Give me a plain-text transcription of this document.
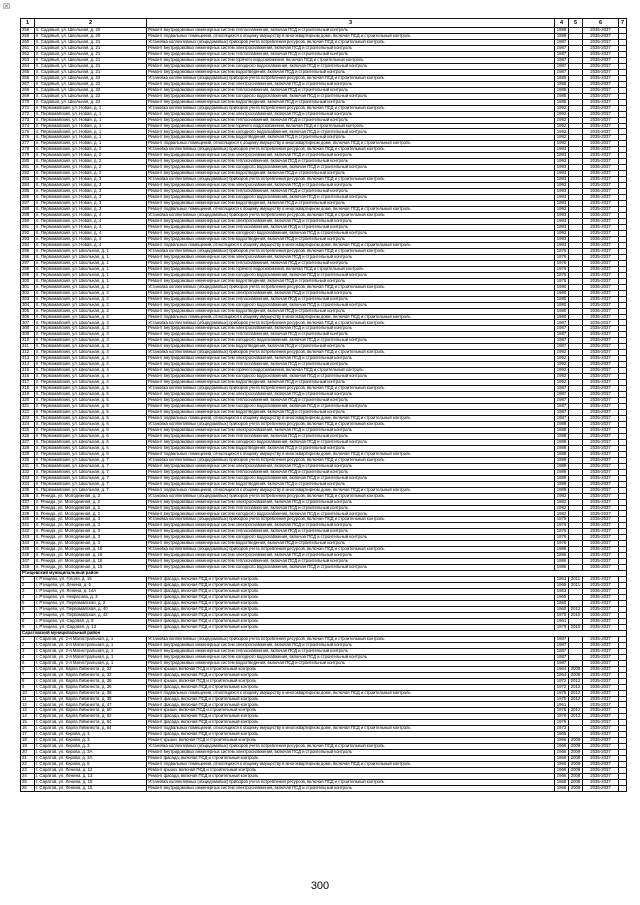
☒
1	2	3	4	5	6	7
258	п. Садовый, ул. Школьная, д. 20	Ремонт внутридомовых инженерных систем теплоснабжения, включая ПСД и строительный контроль	1989		2035-2037	
259	п. Садовый, ул. Школьная, д. 20	Ремонт подвальных помещений, относящихся к общему имуществу в многоквартирном доме, включая ПСД и строительный контроль	1989		2035-2037	
260	п. Садовый, ул. Школьная, д. 21	Установка коллективных (общедомовых) приборов учета потребления ресурсов, включая ПСД и строительный контроль	1987		2035-2037	
261	п. Садовый, ул. Школьная, д. 21	Ремонт внутридомовых инженерных систем электроснабжения, включая ПСД и строительный контроль	1987		2035-2037	
262	п. Садовый, ул. Школьная, д. 21	Ремонт внутридомовых инженерных систем теплоснабжения, включая ПСД и строительный контроль	1987		2035-2037	
263	п. Садовый, ул. Школьная, д. 21	Ремонт внутридомовых инженерных систем горячего водоснабжения, включая ПСД и строительный контроль	1987		2035-2037	
264	п. Садовый, ул. Школьная, д. 21	Ремонт внутридомовых инженерных систем холодного водоснабжения, включая ПСД и строительный контроль	1987		2035-2037	
265	п. Садовый, ул. Школьная, д. 21	Ремонт внутридомовых инженерных систем водоотведения, включая ПСД и строительный контроль	1987		2035-2037	
266	п. Садовый, ул. Школьная, д. 22	Установка коллективных (общедомовых) приборов учета потребления ресурсов, включая ПСД и строительный контроль	1985		2035-2037	
267	п. Садовый, ул. Школьная, д. 22	Ремонт внутридомовых инженерных систем электроснабжения, включая ПСД и строительный контроль	1985		2035-2037	
268	п. Садовый, ул. Школьная, д. 22	Ремонт внутридомовых инженерных систем теплоснабжения, включая ПСД и строительный контроль	1985		2035-2037	
269	п. Садовый, ул. Школьная, д. 22	Ремонт внутридомовых инженерных систем холодного водоснабжения, включая ПСД и строительный контроль	1985		2035-2037	
270	п. Садовый, ул. Школьная, д. 22	Ремонт внутридомовых инженерных систем водоотведения, включая ПСД и строительный контроль	1985		2035-2037	
271	п. Первомайский, ул. Новая, д. 1	Установка коллективных (общедомовых) приборов учета потребления ресурсов, включая ПСД и строительный контроль	1992		2035-2037	
272	п. Первомайский, ул. Новая, д. 1	Ремонт внутридомовых инженерных систем электроснабжения, включая ПСД и строительный контроль	1992		2035-2037	
273	п. Первомайский, ул. Новая, д. 1	Ремонт внутридомовых инженерных систем теплоснабжения, включая ПСД и строительный контроль	1992		2035-2037	
274	п. Первомайский, ул. Новая, д. 1	Ремонт внутридомовых инженерных систем горячего водоснабжения, включая ПСД и строительный контроль	1992		2035-2037	
275	п. Первомайский, ул. Новая, д. 1	Ремонт внутридомовых инженерных систем холодного водоснабжения, включая ПСД и строительный контроль	1992		2035-2037	
276	п. Первомайский, ул. Новая, д. 1	Ремонт внутридомовых инженерных систем водоотведения, включая ПСД и строительный контроль	1992		2035-2037	
277	п. Первомайский, ул. Новая, д. 1	Ремонт подвальных помещений, относящихся к общему имуществу в многоквартирном доме, включая ПСД и строительный контроль	1992		2035-2037	
278	п. Первомайский, ул. Новая, д. 2	Установка коллективных (общедомовых) приборов учета потребления ресурсов, включая ПСД и строительный контроль	1993		2035-2037	
279	п. Первомайский, ул. Новая, д. 2	Ремонт внутридомовых инженерных систем электроснабжения, включая ПСД и строительный контроль	1993		2035-2037	
280	п. Первомайский, ул. Новая, д. 2	Ремонт внутридомовых инженерных систем теплоснабжения, включая ПСД и строительный контроль	1993		2035-2037	
281	п. Первомайский, ул. Новая, д. 2	Ремонт внутридомовых инженерных систем холодного водоснабжения, включая ПСД и строительный контроль	1993		2035-2037	
282	п. Первомайский, ул. Новая, д. 2	Ремонт внутридомовых инженерных систем водоотведения, включая ПСД и строительный контроль	1993		2035-2037	
283	п. Первомайский, ул. Новая, д. 3	Установка коллективных (общедомовых) приборов учета потребления ресурсов, включая ПСД и строительный контроль	1993		2035-2037	
284	п. Первомайский, ул. Новая, д. 3	Ремонт внутридомовых инженерных систем электроснабжения, включая ПСД и строительный контроль	1993		2035-2037	
285	п. Первомайский, ул. Новая, д. 3	Ремонт внутридомовых инженерных систем теплоснабжения, включая ПСД и строительный контроль	1993		2035-2037	
286	п. Первомайский, ул. Новая, д. 3	Ремонт внутридомовых инженерных систем холодного водоснабжения, включая ПСД и строительный контроль	1993		2035-2037	
287	п. Первомайский, ул. Новая, д. 3	Ремонт внутридомовых инженерных систем водоотведения, включая ПСД и строительный контроль	1993		2035-2037	
288	п. Первомайский, ул. Новая, д. 3	Ремонт подвальных помещений, относящихся к общему имуществу в многоквартирном доме, включая ПСД и строительный контроль	1993		2035-2037	
289	п. Первомайский, ул. Новая, д. 4	Установка коллективных (общедомовых) приборов учета потребления ресурсов, включая ПСД и строительный контроль	1993		2035-2037	
290	п. Первомайский, ул. Новая, д. 4	Ремонт внутридомовых инженерных систем электроснабжения, включая ПСД и строительный контроль	1993		2035-2037	
291	п. Первомайский, ул. Новая, д. 4	Ремонт внутридомовых инженерных систем теплоснабжения, включая ПСД и строительный контроль	1993		2035-2037	
292	п. Первомайский, ул. Новая, д. 4	Ремонт внутридомовых инженерных систем холодного водоснабжения, включая ПСД и строительный контроль	1993		2035-2037	
293	п. Первомайский, ул. Новая, д. 4	Ремонт внутридомовых инженерных систем водоотведения, включая ПСД и строительный контроль	1993		2035-2037	
294	п. Первомайский, ул. Новая, д. 4	Ремонт подвальных помещений, относящихся к общему имуществу в многоквартирном доме, включая ПСД и строительный контроль	1993		2035-2037	
295	п. Первомайский, ул. Школьная, д. 1	Установка коллективных (общедомовых) приборов учета потребления ресурсов, включая ПСД и строительный контроль	1976		2035-2037	
296	п. Первомайский, ул. Школьная, д. 1	Ремонт внутридомовых инженерных систем электроснабжения, включая ПСД и строительный контроль	1976		2035-2037	
297	п. Первомайский, ул. Школьная, д. 1	Ремонт внутридомовых инженерных систем теплоснабжения, включая ПСД и строительный контроль	1976		2035-2037	
298	п. Первомайский, ул. Школьная, д. 1	Ремонт внутридомовых инженерных систем горячего водоснабжения, включая ПСД и строительный контроль	1976		2035-2037	
299	п. Первомайский, ул. Школьная, д. 1	Ремонт внутридомовых инженерных систем холодного водоснабжения, включая ПСД и строительный контроль	1976		2035-2037	
300	п. Первомайский, ул. Школьная, д. 1	Ремонт внутридомовых инженерных систем водоотведения, включая ПСД и строительный контроль	1976		2035-2037	
301	п. Первомайский, ул. Школьная, д. 2	Установка коллективных (общедомовых) приборов учета потребления ресурсов, включая ПСД и строительный контроль	1980		2035-2037	
302	п. Первомайский, ул. Школьная, д. 2	Ремонт внутридомовых инженерных систем электроснабжения, включая ПСД и строительный контроль	1980		2035-2037	
303	п. Первомайский, ул. Школьная, д. 2	Ремонт внутридомовых инженерных систем теплоснабжения, включая ПСД и строительный контроль	1980		2035-2037	
304	п. Первомайский, ул. Школьная, д. 2	Ремонт внутридомовых инженерных систем холодного водоснабжения, включая ПСД и строительный контроль	1980		2035-2037	
305	п. Первомайский, ул. Школьная, д. 2	Ремонт внутридомовых инженерных систем водоотведения, включая ПСД и строительный контроль	1980		2035-2037	
306	п. Первомайский, ул. Школьная, д. 2	Ремонт подвальных помещений, относящихся к общему имуществу в многоквартирном доме, включая ПСД и строительный контроль	1980		2035-2037	
307	п. Первомайский, ул. Школьная, д. 3	Установка коллективных (общедомовых) приборов учета потребления ресурсов, включая ПСД и строительный контроль	1987		2035-2037	
308	п. Первомайский, ул. Школьная, д. 3	Ремонт внутридомовых инженерных систем электроснабжения, включая ПСД и строительный контроль	1987		2035-2037	
309	п. Первомайский, ул. Школьная, д. 3	Ремонт внутридомовых инженерных систем теплоснабжения, включая ПСД и строительный контроль	1987		2035-2037	
310	п. Первомайский, ул. Школьная, д. 3	Ремонт внутридомовых инженерных систем холодного водоснабжения, включая ПСД и строительный контроль	1987		2035-2037	
311	п. Первомайский, ул. Школьная, д. 3	Ремонт внутридомовых инженерных систем водоотведения, включая ПСД и строительный контроль	1987		2035-2037	
312	п. Первомайский, ул. Школьная, д. 4	Установка коллективных (общедомовых) приборов учета потребления ресурсов, включая ПСД и строительный контроль	1992		2035-2037	
313	п. Первомайский, ул. Школьная, д. 4	Ремонт внутридомовых инженерных систем электроснабжения, включая ПСД и строительный контроль	1992		2035-2037	
314	п. Первомайский, ул. Школьная, д. 4	Ремонт внутридомовых инженерных систем теплоснабжения, включая ПСД и строительный контроль	1992		2035-2037	
315	п. Первомайский, ул. Школьная, д. 4	Ремонт внутридомовых инженерных систем горячего водоснабжения, включая ПСД и строительный контроль	1992		2035-2037	
316	п. Первомайский, ул. Школьная, д. 4	Ремонт внутридомовых инженерных систем холодного водоснабжения, включая ПСД и строительный контроль	1992		2035-2037	
317	п. Первомайский, ул. Школьная, д. 4	Ремонт внутридомовых инженерных систем водоотведения, включая ПСД и строительный контроль	1992		2035-2037	
318	п. Первомайский, ул. Школьная, д. 5	Установка коллективных (общедомовых) приборов учета потребления ресурсов, включая ПСД и строительный контроль	1987		2035-2037	
319	п. Первомайский, ул. Школьная, д. 5	Ремонт внутридомовых инженерных систем электроснабжения, включая ПСД и строительный контроль	1987		2035-2037	
320	п. Первомайский, ул. Школьная, д. 5	Ремонт внутридомовых инженерных систем теплоснабжения, включая ПСД и строительный контроль	1987		2035-2037	
321	п. Первомайский, ул. Школьная, д. 5	Ремонт внутридомовых инженерных систем холодного водоснабжения, включая ПСД и строительный контроль	1987		2035-2037	
322	п. Первомайский, ул. Школьная, д. 5	Ремонт внутридомовых инженерных систем водоотведения, включая ПСД и строительный контроль	1987		2035-2037	
323	п. Первомайский, ул. Школьная, д. 5	Ремонт подвальных помещений, относящихся к общему имуществу в многоквартирном доме, включая ПСД и строительный контроль	1987		2035-2037	
324	п. Первомайский, ул. Школьная, д. 6	Установка коллективных (общедомовых) приборов учета потребления ресурсов, включая ПСД и строительный контроль	1988		2035-2037	
325	п. Первомайский, ул. Школьная, д. 6	Ремонт внутридомовых инженерных систем электроснабжения, включая ПСД и строительный контроль	1988		2035-2037	
326	п. Первомайский, ул. Школьная, д. 6	Ремонт внутридомовых инженерных систем теплоснабжения, включая ПСД и строительный контроль	1988		2035-2037	
327	п. Первомайский, ул. Школьная, д. 6	Ремонт внутридомовых инженерных систем холодного водоснабжения, включая ПСД и строительный контроль	1988		2035-2037	
328	п. Первомайский, ул. Школьная, д. 6	Ремонт внутридомовых инженерных систем водоотведения, включая ПСД и строительный контроль	1988		2035-2037	
329	п. Первомайский, ул. Школьная, д. 6	Ремонт подвальных помещений, относящихся к общему имуществу в многоквартирном доме, включая ПСД и строительный контроль	1988		2035-2037	
330	п. Первомайский, ул. Школьная, д. 7	Установка коллективных (общедомовых) приборов учета потребления ресурсов, включая ПСД и строительный контроль	1989		2035-2037	
331	п. Первомайский, ул. Школьная, д. 7	Ремонт внутридомовых инженерных систем электроснабжения, включая ПСД и строительный контроль	1989		2035-2037	
332	п. Первомайский, ул. Школьная, д. 7	Ремонт внутридомовых инженерных систем теплоснабжения, включая ПСД и строительный контроль	1989		2035-2037	
333	п. Первомайский, ул. Школьная, д. 7	Ремонт внутридомовых инженерных систем холодного водоснабжения, включая ПСД и строительный контроль	1989		2035-2037	
334	п. Первомайский, ул. Школьная, д. 7	Ремонт внутридомовых инженерных систем водоотведения, включая ПСД и строительный контроль	1989		2035-2037	
335	п. Первомайский, ул. Школьная, д. 7	Ремонт подвальных помещений, относящихся к общему имуществу в многоквартирном доме, включая ПСД и строительный контроль	1989		2035-2037	
336	п. Ренида, ул. Молодежная, д. 2	Установка коллективных (общедомовых) приборов учета потребления ресурсов, включая ПСД и строительный контроль	1982		2035-2037	
337	п. Ренида, ул. Молодежная, д. 2	Ремонт внутридомовых инженерных систем электроснабжения, включая ПСД и строительный контроль	1982		2035-2037	
338	п. Ренида, ул. Молодежная, д. 2	Ремонт внутридомовых инженерных систем теплоснабжения, включая ПСД и строительный контроль	1982		2035-2037	
339	п. Ренида, ул. Молодежная, д. 2	Ремонт внутридомовых инженерных систем холодного водоснабжения, включая ПСД и строительный контроль	1982		2035-2037	
340	п. Ренида, ул. Молодежная, д. 3	Установка коллективных (общедомовых) приборов учета потребления ресурсов, включая ПСД и строительный контроль	1976		2035-2037	
341	п. Ренида, ул. Молодежная, д. 3	Ремонт внутридомовых инженерных систем электроснабжения, включая ПСД и строительный контроль	1976		2035-2037	
342	п. Ренида, ул. Молодежная, д. 3	Ремонт внутридомовых инженерных систем теплоснабжения, включая ПСД и строительный контроль	1976		2035-2037	
343	п. Ренида, ул. Молодежная, д. 3	Ремонт внутридомовых инженерных систем холодного водоснабжения, включая ПСД и строительный контроль	1976		2035-2037	
344	п. Ренида, ул. Молодежная, д. 3	Ремонт внутридомовых инженерных систем водоотведения, включая ПСД и строительный контроль	1976		2035-2037	
345	п. Ренида, ул. Молодежная, д. 16	Установка коллективных (общедомовых) приборов учета потребления ресурсов, включая ПСД и строительный контроль	1986		2035-2037	
346	п. Ренида, ул. Молодежная, д. 16	Ремонт внутридомовых инженерных систем электроснабжения, включая ПСД и строительный контроль	1986		2035-2037	
347	п. Ренида, ул. Молодежная, д. 16	Ремонт внутридомовых инженерных систем теплоснабжения, включая ПСД и строительный контроль	1986		2035-2037	
348	п. Ренида, ул. Молодежная, д. 16	Ремонт внутридомовых инженерных систем холодного водоснабжения, включая ПСД и строительный контроль	1986		2035-2037	
Ртищевский муниципальный район						
1	г. Ртищево, ул. Гоголя, д. 15	Ремонт фасада, включая ПСД и строительный контроль	1963	2011	2035-2037	
2	г. Ртищево, ул. Ленина, д. 5	Ремонт фасада, включая ПСД и строительный контроль	1969	2011	2035-2037	
3	г. Ртищево, ул. Ленина, д. 14А	Ремонт фасада, включая ПСД и строительный контроль	1963		2035-2037	
4	г. Ртищево, ул. Некрасова, д. 3	Ремонт фасада, включая ПСД и строительный контроль	1965		2035-2037	
5	г. Ртищево, ул. Первомайская, д. 2	Ремонт фасада, включая ПСД и строительный контроль	1960		2035-2037	
6	г. Ртищево, ул. Первомайская, д. 40	Ремонт фасада, включая ПСД и строительный контроль	1960	2012	2035-2037	
7	г. Ртищево, ул. Первомайская, д. 42	Ремонт фасада, включая ПСД и строительный контроль	1979	2010	2035-2037	
8	г. Ртищево, ул. Садовая, д. 9	Ремонт фасада, включая ПСД и строительный контроль	1961		2035-2037	
9	г. Ртищево, ул. Садовая, д. 13	Ремонт фасада, включая ПСД и строительный контроль	1979	2010	2035-2037	
Саратовский муниципальный район						
1	г. Саратов, ул. 2-я Магистральная, д. 1	Установка коллективных (общедомовых) приборов учета потребления ресурсов, включая ПСД и строительный контроль	1987		2035-2037	
2	г. Саратов, ул. 2-я Магистральная, д. 1	Ремонт внутридомовых инженерных систем электроснабжения, включая ПСД и строительный контроль	1987		2035-2037	
3	г. Саратов, ул. 2-я Магистральная, д. 1	Ремонт внутридомовых инженерных систем теплоснабжения, включая ПСД и строительный контроль	1987		2035-2037	
4	г. Саратов, ул. 2-я Магистральная, д. 1	Ремонт внутридомовых инженерных систем холодного водоснабжения, включая ПСД и строительный контроль	1987		2035-2037	
5	г. Саратов, ул. 2-я Магистральная, д. 1	Ремонт внутридомовых инженерных систем водоотведения, включая ПСД и строительный контроль	1987		2035-2037	
6	г. Саратов, ул. Карла Либкнехта, д. 32	Ремонт крыши, включая ПСД и строительный контроль	1964	2008	2035-2037	
7	г. Саратов, ул. Карла Либкнехта, д. 32	Ремонт фасада, включая ПСД и строительный контроль	1964	2008	2035-2037	
8	г. Саратов, ул. Карла Либкнехта, д. 36	Ремонт крыши, включая ПСД и строительный контроль	1972	2012	2035-2037	
9	г. Саратов, ул. Карла Либкнехта, д. 36	Ремонт фасада, включая ПСД и строительный контроль	1972	2012	2035-2037	
10	г. Саратов, ул. Карла Либкнехта, д. 38	Ремонт подвальных помещений, относящихся к общему имуществу в многоквартирном доме, включая ПСД и строительный контроль	1975	2012	2035-2037	
11	г. Саратов, ул. Карла Либкнехта, д. 38	Ремонт фасада, включая ПСД и строительный контроль	1975	2012	2035-2037	
12	г. Саратов, ул. Карла Либкнехта, д. 47	Ремонт фасада, включая ПСД и строительный контроль	1961		2035-2037	
13	г. Саратов, ул. Карла Либкнехта, д. 60	Ремонт крыши, включая ПСД и строительный контроль	1976	2012	2035-2037	
14	г. Саратов, ул. Карла Либкнехта, д. 62	Ремонт фасада, включая ПСД и строительный контроль	1976	2012	2035-2037	
15	г. Саратов, ул. Карла Либкнехта, д. 64	Ремонт фасада, включая ПСД и строительный контроль	1976		2035-2037	
16	г. Саратов, ул. Карла Либкнехта, д. 64	Ремонт подвальных помещений, относящихся к общему имуществу в многоквартирном доме, включая ПСД и строительный контроль	1973		2035-2037	
17	г. Саратов, ул. Кирова, д. 1	Ремонт фасада, включая ПСД и строительный контроль	1965		2035-2037	
18	г. Саратов, ул. Кирова, д. 3	Ремонт крыши, включая ПСД и строительный контроль	1966	2009	2035-2037	
19	г. Саратов, ул. Кирова, д. 3	Установка коллективных (общедомовых) приборов учета потребления ресурсов, включая ПСД и строительный контроль	1966	2009	2035-2037	
20	г. Саратов, ул. Кирова, д. 3А	Ремонт внутридомовых инженерных систем электроснабжения, включая ПСД и строительный контроль	1966	2009	2035-2037	
21	г. Саратов, ул. Кирова, д. 3А	Ремонт фасада, включая ПСД и строительный контроль	1966	2009	2035-2037	
22	г. Саратов, ул. Кирова, д. 5	Ремонт подвальных помещений, относящихся к общему имуществу в многоквартирном доме, включая ПСД и строительный контроль	1960	2009	2035-2037	
23	г. Саратов, ул. Ленина, д. 12	Ремонт крыши, включая ПСД и строительный контроль	1966	2008	2035-2037	
24	г. Саратов, ул. Ленина, д. 13	Ремонт фасада, включая ПСД и строительный контроль	1966	2008	2035-2037	
25	г. Саратов, ул. Ленина, д. 15	Установка коллективных (общедомовых) приборов учета потребления ресурсов, включая ПСД и строительный контроль	1968	2009	2035-2037	
26	г. Саратов, ул. Ленина, д. 15	Ремонт внутридомовых инженерных систем электроснабжения, включая ПСД и строительный контроль	1968	2009	2035-2037	
300
